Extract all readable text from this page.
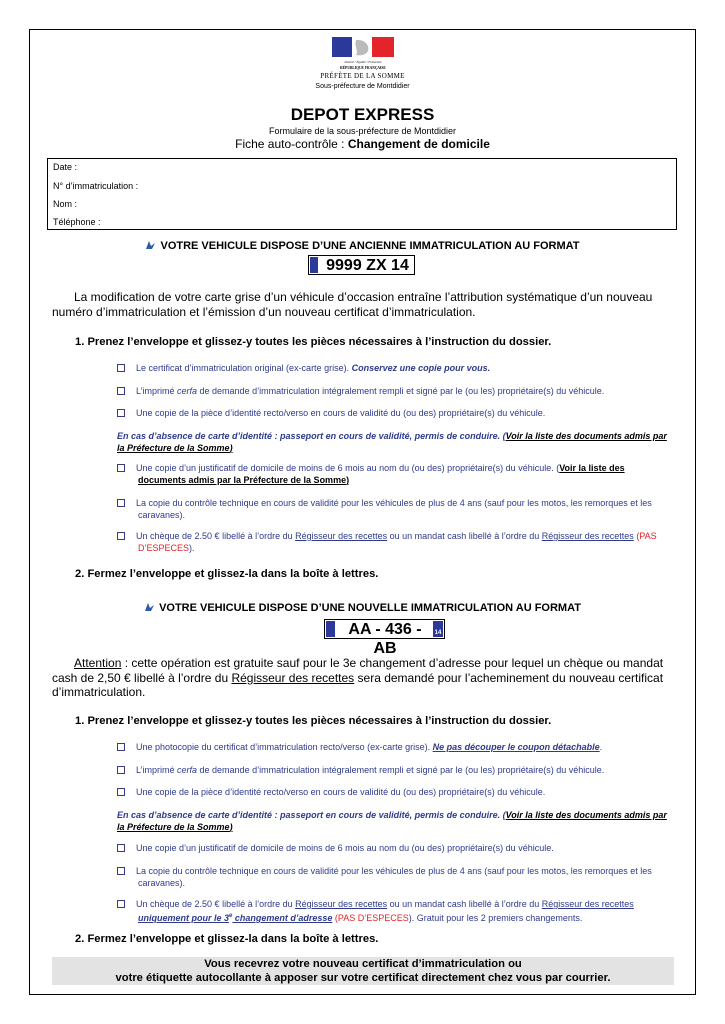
Liberté • Égalité • Fraternité
RÉPUBLIQUE FRANÇAISE
PRÉFÈTE DE LA SOMME
Sous-préfecture de Montdidier
DEPOT EXPRESS
Formulaire de la sous-préfecture de Montdidier
Fiche auto-contrôle : Changement de domicile
Date :
N° d’immatriculation :
Nom :
Téléphone :
VOTRE VEHICULE DISPOSE D’UNE ANCIENNE IMMATRICULATION AU FORMAT
9999 ZX 14
La modification de votre carte grise d’un véhicule d’occasion entraîne l’attribution systématique d’un nouveau numéro d’immatriculation et l’émission d’un nouveau certificat d’immatriculation.
1. Prenez l’enveloppe et glissez-y toutes les pièces nécessaires à l’instruction du dossier.
Le certificat d’immatriculation original (ex-carte grise). Conservez une copie pour vous.
L’imprimé cerfa de demande d’immatriculation intégralement rempli et signé par le (ou les) propriétaire(s) du véhicule.
Une copie de la pièce d’identité recto/verso en cours de validité du (ou des) propriétaire(s) du véhicule.
En cas d’absence de carte d’identité : passeport en cours de validité, permis de conduire. (Voir la liste des documents admis par la Préfecture de la Somme)
Une copie d’un justificatif de domicile de moins de 6 mois au nom du (ou des) propriétaire(s) du véhicule. (Voir la liste des documents admis par la Préfecture de la Somme)
La copie du contrôle technique en cours de validité pour les véhicules de plus de 4 ans (sauf pour les motos, les remorques et les caravanes).
Un chèque de 2.50 € libellé à l’ordre du Régisseur des recettes ou un mandat cash libellé à l’ordre du Régisseur des recettes (PAS D’ESPECES).
2. Fermez l’enveloppe et glissez-la dans la boîte à lettres.
VOTRE VEHICULE DISPOSE D’UNE NOUVELLE IMMATRICULATION AU FORMAT
AA - 436 - AB

14
Attention : cette opération est gratuite sauf pour le 3e changement d’adresse pour lequel un chèque ou mandat cash de 2,50 € libellé à l’ordre du Régisseur des recettes sera demandé pour l’acheminement du nouveau certificat d’immatriculation.
1. Prenez l’enveloppe et glissez-y toutes les pièces nécessaires à l’instruction du dossier.
Une photocopie du certificat d’immatriculation recto/verso (ex-carte grise). Ne pas découper le coupon détachable.
L’imprimé cerfa de demande d’immatriculation intégralement rempli et signé par le (ou les) propriétaire(s) du véhicule.
Une copie de la pièce d’identité recto/verso en cours de validité du (ou des) propriétaire(s) du véhicule.
En cas d’absence de carte d’identité : passeport en cours de validité, permis de conduire. (Voir la liste des documents admis par la Préfecture de la Somme)
Une copie d’un justificatif de domicile de moins de 6 mois au nom du (ou des) propriétaire(s) du véhicule.
La copie du contrôle technique en cours de validité pour les véhicules de plus de 4 ans (sauf pour les motos, les remorques et les caravanes).
Un chèque de 2.50 € libellé à l’ordre du Régisseur des recettes ou un mandat cash libellé à l’ordre du Régisseur des recettes uniquement pour le 3e changement d’adresse (PAS D’ESPECES). Gratuit pour les 2 premiers changements.
2. Fermez l’enveloppe et glissez-la dans la boîte à lettres.
Vous recevrez votre nouveau certificat d’immatriculation ou
votre étiquette autocollante à apposer sur votre certificat directement chez vous par courrier.
